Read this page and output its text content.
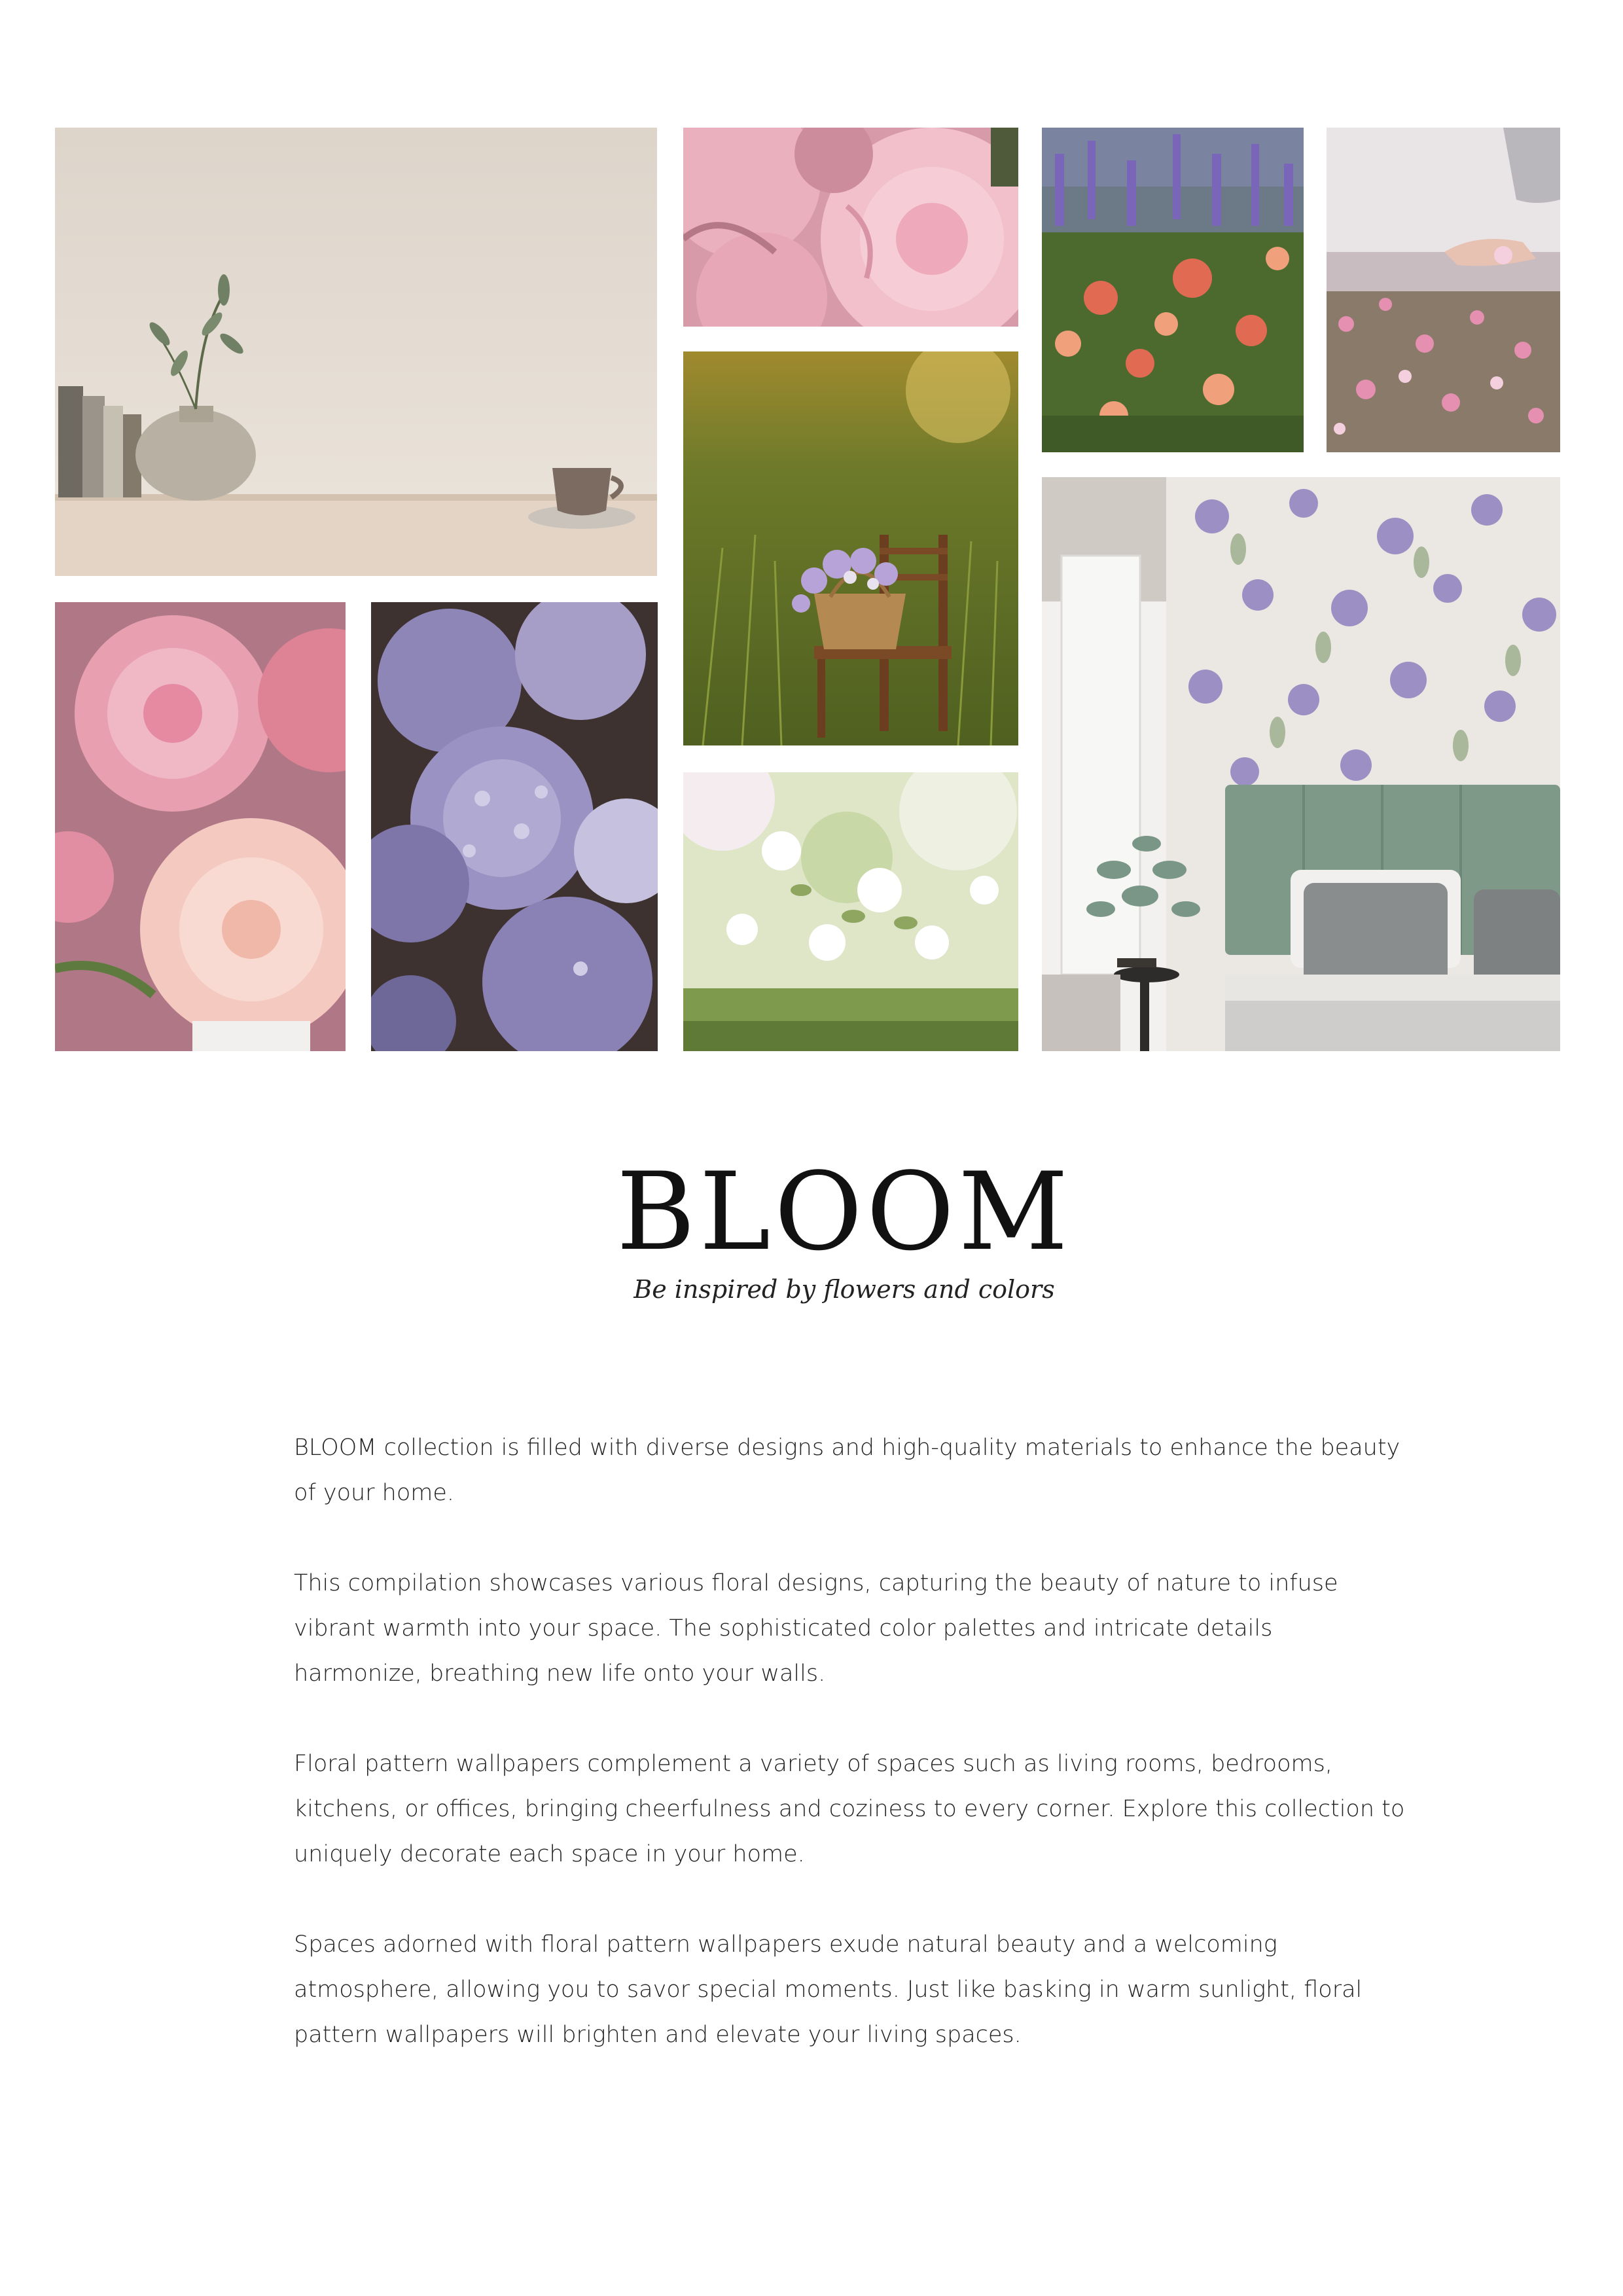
BLOOM
Be inspired by flowers and colors

BLOOM collection is filled with diverse designs and high-quality materials to enhance the beauty of your home.

This compilation showcases various floral designs, capturing the beauty of nature to infuse vibrant warmth into your space. The sophisticated color palettes and intricate details harmonize, breathing new life onto your walls.

Floral pattern wallpapers complement a variety of spaces such as living rooms, bedrooms, kitchens, or offices, bringing cheerfulness and coziness to every corner. Explore this collection to uniquely decorate each space in your home.

Spaces adorned with floral pattern wallpapers exude natural beauty and a welcoming atmosphere, allowing you to savor special moments. Just like basking in warm sunlight, floral pattern wallpapers will brighten and elevate your living spaces.
